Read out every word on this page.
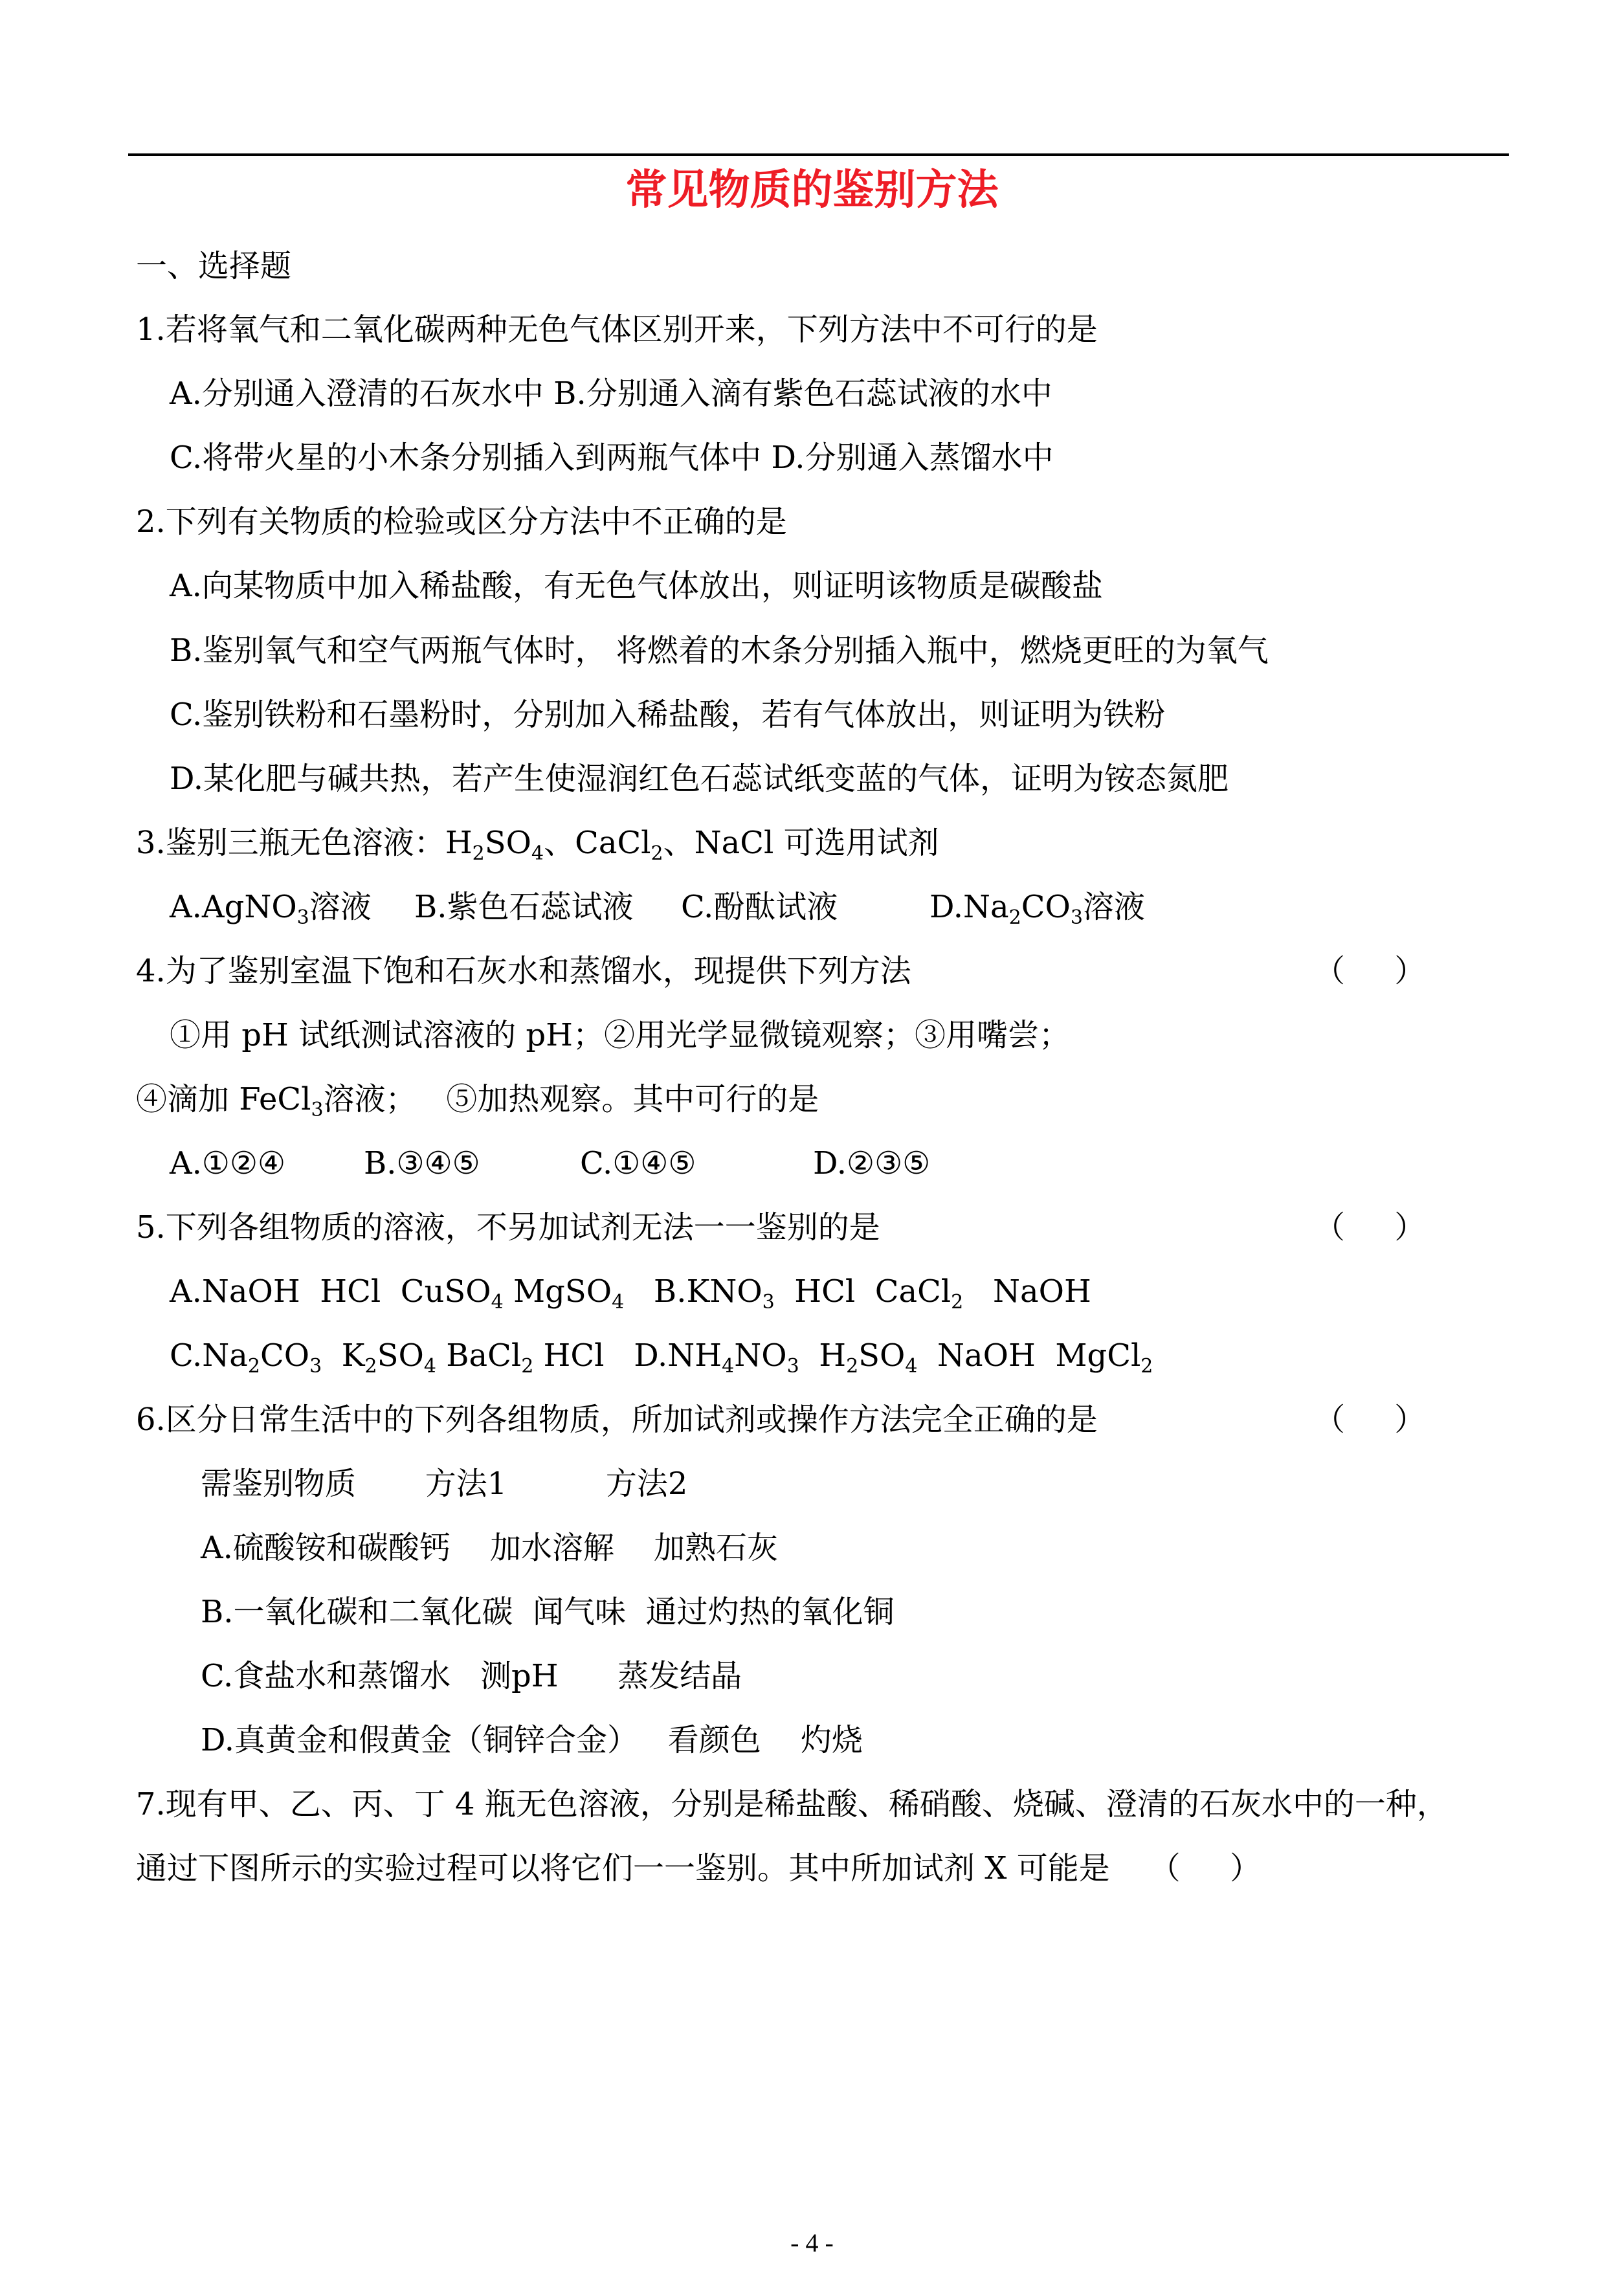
常见物质的鉴别方法
一、选择题
1.若将氧气和二氧化碳两种无色气体区别开来，下列方法中不可行的是
A.分别通入澄清的石灰水中 B.分别通入滴有紫色石蕊试液的水中
C.将带火星的小木条分别插入到两瓶气体中 D.分别通入蒸馏水中
2.下列有关物质的检验或区分方法中不正确的是
A.向某物质中加入稀盐酸，有无色气体放出，则证明该物质是碳酸盐
B.鉴别氧气和空气两瓶气体时， 将燃着的木条分别插入瓶中，燃烧更旺的为氧气
C.鉴别铁粉和石墨粉时，分别加入稀盐酸，若有气体放出，则证明为铁粉
D.某化肥与碱共热，若产生使湿润红色石蕊试纸变蓝的气体，证明为铵态氮肥
3.鉴别三瓶无色溶液：$H_2SO_4$、CaCl$_2$、NaCl 可选用试剂
A.AgNO$_3$溶液 B.紫色石蕊试液 C.酚酞试液	$D.Na_2CO_3$溶液
4.为了鉴别室温下饱和石灰水和蒸馏水，现提供下列方法	（     ）
①用 pH 试纸测试溶液的 pH；②用光学显微镜观察；③用嘴尝；
④滴加 FeCl$_3$溶液；   ⑤加热观察。其中可行的是
A.①②④	B.③④⑤	C.①④⑤	D.②③⑤
5.下列各组物质的溶液，不另加试剂无法一一鉴别的是	（     ）
A.NaOH  HCl  CuSO$_4$ MgSO$_4$   $B.KNO_3$  HCl  CaCl$_2$   NaOH
$C.Na_2CO_3$  $K_2SO_4$ BaCl$_2$ HCl   $D.NH_4NO_3$  $H_2SO_4$  NaOH  MgCl$_2$
6.区分日常生活中的下列各组物质，所加试剂或操作方法完全正确的是	（     ）
需鉴别物质       方法1          方法2
A.硫酸铵和碳酸钙    加水溶解    加熟石灰
B.一氧化碳和二氧化碳  闻气味  通过灼热的氧化铜
C.食盐水和蒸馏水   测pH      蒸发结晶
D.真黄金和假黄金（铜锌合金）   看颜色    灼烧
7.现有甲、乙、丙、丁 4 瓶无色溶液，分别是稀盐酸、稀硝酸、烧碱、澄清的石灰水中的一种，
通过下图所示的实验过程可以将它们一一鉴别。其中所加试剂 X 可能是    （     ）
- 4 -
